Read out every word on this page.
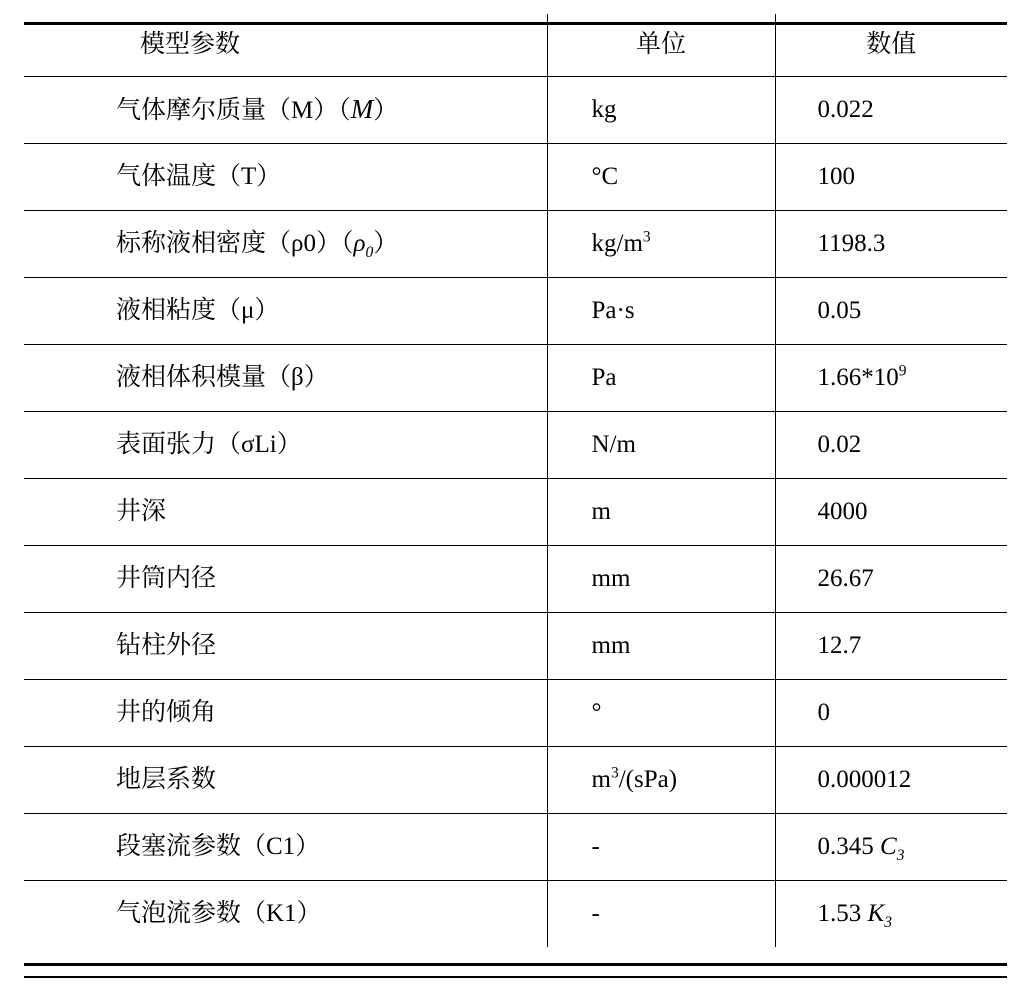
模型参数	单位	数值
气体摩尔质量（M）（M）	kg	0.022
气体温度（T）	°C	100
标称液相密度$(\rho 0)(\rho_0)$	$kg/m^3$	1198.3
液相粘度（μ）	Pa·s	0.05
液相体积模量（β）	Pa	$1.66*10^9$
表面张力（σLi）	N/m	0.02
井深	m	4000
井筒内径	mm	26.67
钻柱外径	mm	12.7
井的倾角	°	0
地层系数	$m^3/(sPa)$	0.000012
段塞流参数（C1）	-	0.345 $C_3$
气泡流参数（K1）	-	1.53 $K_3$
